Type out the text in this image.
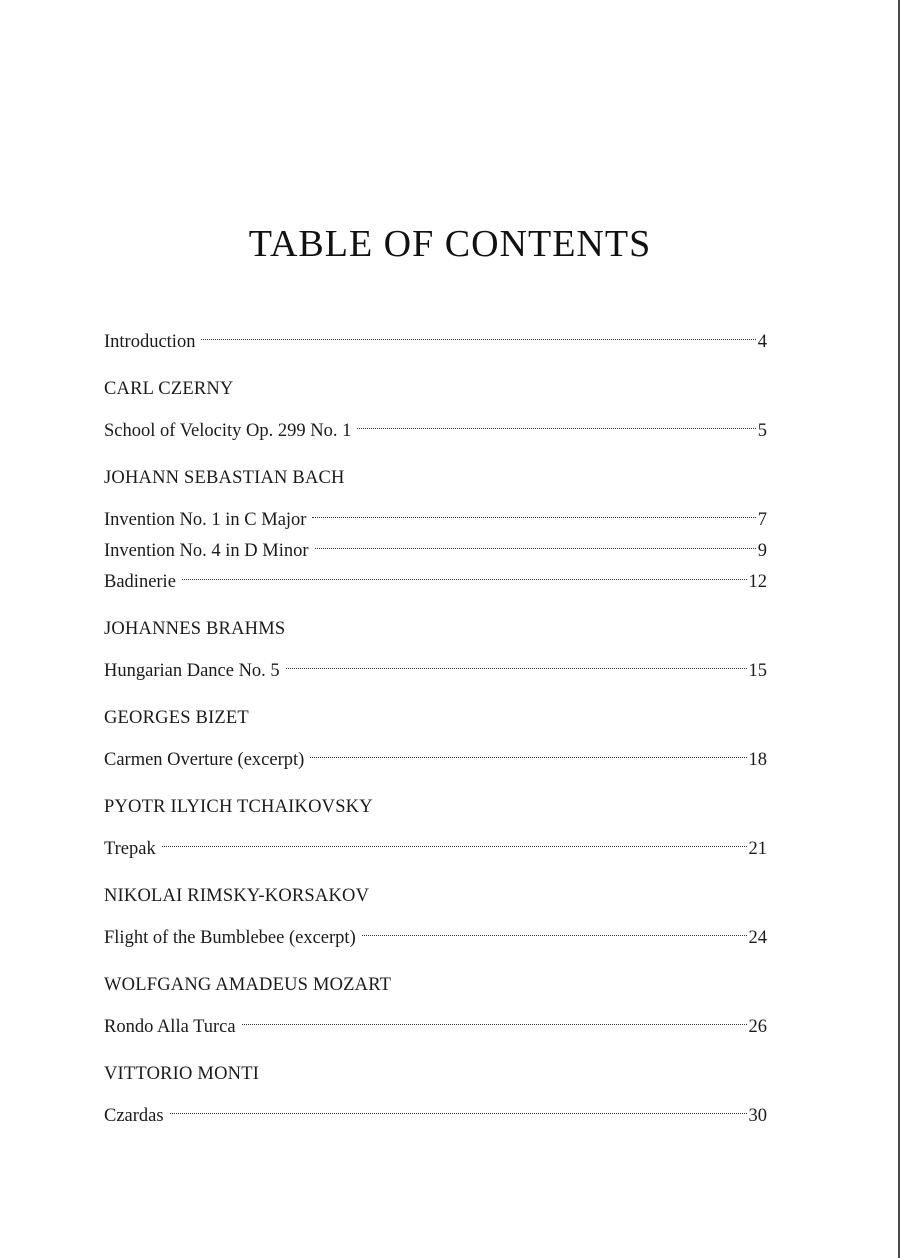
TABLE OF CONTENTS
Introduction	4
CARL CZERNY
School of Velocity Op. 299 No. 1	5
JOHANN SEBASTIAN BACH
Invention No. 1 in C Major	7
Invention No. 4 in D Minor	9
Badinerie	12
JOHANNES BRAHMS
Hungarian Dance No. 5	15
GEORGES BIZET
Carmen Overture (excerpt)	18
PYOTR ILYICH TCHAIKOVSKY
Trepak	21
NIKOLAI RIMSKY-KORSAKOV
Flight of the Bumblebee (excerpt)	24
WOLFGANG AMADEUS MOZART
Rondo Alla Turca	26
VITTORIO MONTI
Czardas	30
